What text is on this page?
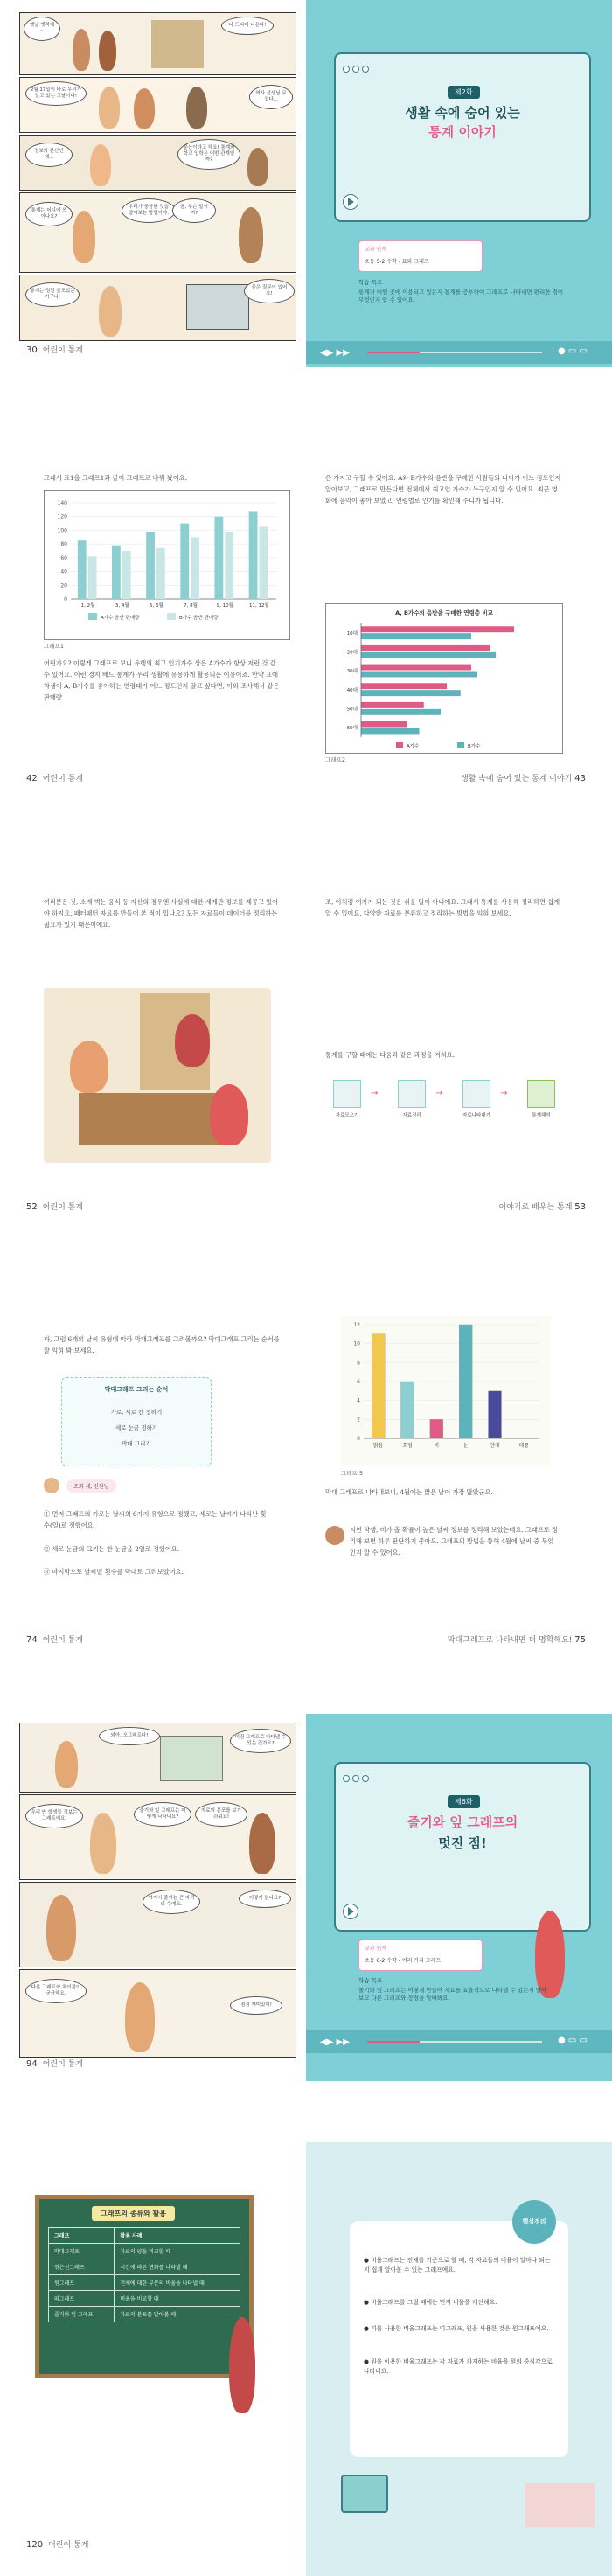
옛날 옛적에~
나 드디어 나온다!
2월 17일이 바로 우리가 알고 있는 그날이다!	역사 선생님 무섭다...
정보와 분산인데...
분산이라고 해요! 통계와 학교 입학은 어떤 관계일까?
통계는 어디에 쓰이나요?
우리가 궁금한 것을 알아보는 방법이야.
음, 무슨 말이지?
통계는 정말 쓸모있는 거구나.
좋은 질문이 있어요!
30 어린이 통계
제2화
생활 속에 숨어 있는
통계 이야기
교과 연계
초등 5-2 수학 - 표와 그래프
학습 목표
통계가 어떤 곳에 이용되고 있는지 통계를 공부하여 그래프로 나타내면 편리한 점이 무엇인지 알 수 있어요.
◀▶ ▶▶	● ▭ ▭
그래서 표1을 그래프1과 같이 그래프로 바꿔 봤어요.
0
20
40
60
80
100
120
140
1, 2월	3, 4월	5, 6월	7, 8월	9, 10월	11, 12월
A가수 음반 판매량	B가수 음반 판매량
그래프1
어떤가요? 이렇게 그래프로 보니 유행의 최고 인기가수 상은 A가수가 항상 저런 것 같 수 있어요. 이런 경지 배드 통계가 우리 생활에 유용하게 활용되는 이유이죠. 만약 표에 학생이 A, B가수를 좋아하는 연령대가 어느 정도인지 알고 싶다면, 이와 조사해서 같은 판매량
42 어린이 통계
은 가지고 구할 수 있어요. A와 B가수의 음반을 구매한 사람들의 나이가 어느 정도인지 알아보고, 그래프로 만든다면 전체에서 최고인 가수가 누구인지 알 수 있어요. 최근 영화에 음악이 좋아 보였고, 연령별로 인기를 확인해 주니까 됩니다.
A, B가수의 음반을 구매한 연령층 비교
10대
20대
30대
40대
50대
60대
A가수	B가수
그래프2
생활 속에 숨어 있는 통계 이야기 43
여러분은 것, 소개 벅는 음식 등 자신의 경우엔 사실에 대한 세계관 정보를 제공고 있어야 하지요. 패터패턴 자료를 만들어 본 적이 있나요? 모든 자료들이 데이터를 정리하는 필요가 있기 때문이에요.
52 어린이 통계
조, 이처럼 여가가 되는 것은 쉬운 일이 아니에요. 그래서 통계를 사용해 정리하면 쉽게 알 수 있어요. 다양한 자료를 분류하고 정리하는 방법을 익혀 보세요.
통계를 구할 때에는 다음과 같은 과정을 거쳐요.
자료모으기
→
자료정리
→
자료나타내기
→
통계해석
이야기로 배우는 통계 53
자, 그럼 6개의 날씨 유형에 따라 막대그래프를 그려볼까요? 막대그래프 그리는 순서를 잘 익혀 봐 보세요.
막대그래프 그리는 순서
가로, 세로 칸 정하기
세로 눈금 정하기
막대 그리기
조회 새, 신원님
① 먼저 그래프의 가로는 날씨의 6가지 유형으로 정했고, 세로는 날씨가 나타난 횟수(일)로 정했어요.
② 세로 눈금의 크기는 한 눈금을 2일로 정했어요.
③ 마지막으로 날씨별 횟수를 막대로 그려보았어요.
74 어린이 통계
0
2
4
6
8
10
12
맑음	흐림	비	눈	안개	태풍
그래프 5
막대 그래프로 나타내보니, 4월에는 맑은 날이 가장 많았군요.
지헌 학생, 비가 올 확률이 높은 날씨 정보를 정리해 보았는데요. 그래프로 정리해 보면 하루 판단하기 좋아요. 그래프의 방법을 통해 4월에 날씨 중 무엇인지 알 수 있어요.
막대그래프로 나타내면 더 명확해요! 75
와아, 오그래프다!	이건 그래프로 나타낼 수 있는 건가요?
우리 반 학생들 정보는 그래프예요.
줄기와 잎 그래프는 어떻게 나타내요?
자료의 분포를 보기 쉬워요!
여기서 줄기는 큰 자리의 수예요.
어떻게 읽나요?
다른 그래프와 차이점이 궁금해요.
점점 재미있어!
94 어린이 통계
제6화
줄기와 잎 그래프의
멋진 점!
교과 연계
초등 6-2 수학 - 여러 가지 그래프
학습 목표
줄기와 잎 그래프는 어떻게 만들어 자료를 효율적으로 나타낼 수 있는지 알아보고 다른 그래프와 장점을 알아봐요.
◀▶ ▶▶	● ▭ ▭
그래프의 종류와 활용
그래프	활용 사례
막대그래프	자료의 양을 비교할 때
꺾은선그래프	시간에 따른 변화를 나타낼 때
원그래프	전체에 대한 부분의 비율을 나타낼 때
띠그래프	비율을 비교할 때
줄기와 잎 그래프	자료의 분포를 알아볼 때
120 어린이 통계
핵심정리
● 비율그래프는 전체를 기준으로 할 때, 각 자료들의 비율이 얼마나 되는지 쉽게 알아볼 수 있는 그래프예요.
● 비율그래프를 그릴 때에는 먼저 비율을 계산해요.
● 띠를 사용한 비율그래프는 띠그래프, 원을 사용한 것은 원그래프예요.
● 원을 이용한 비율그래프는 각 자료가 차지하는 비율을 원의 중심각으로 나타내요.
